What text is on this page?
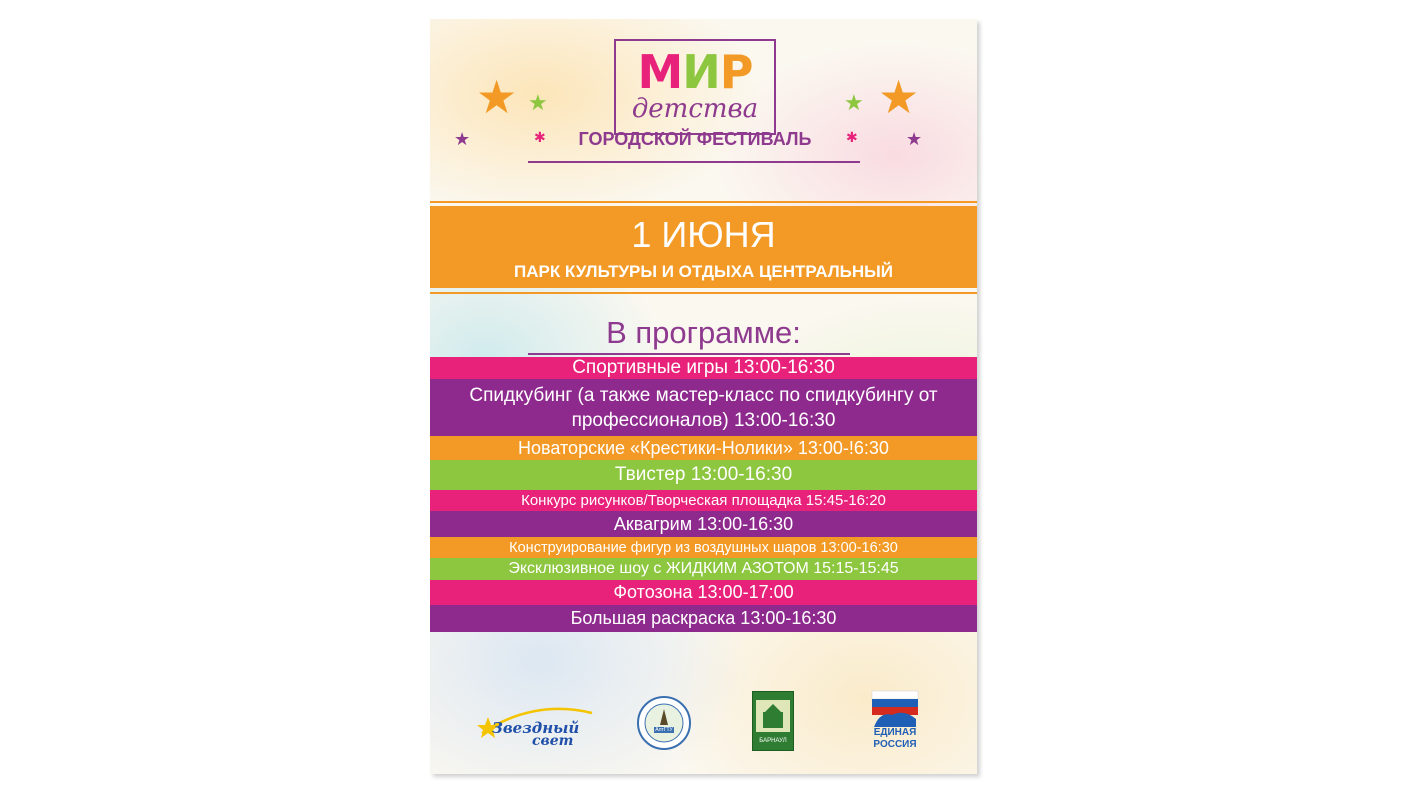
★ ★
★
★
★
★
МИР
детства
✱	ГОРОДСКОЙ ФЕСТИВАЛЬ	✱
1 ИЮНЯ
ПАРК КУЛЬТУРЫ И ОТДЫХА ЦЕНТРАЛЬНЫЙ
В программе:
Спортивные игры 13:00-16:30
Спидкубинг (а также мастер-класс по спидкубингу от профессионалов) 13:00-16:30
Новаторские «Крестики-Нолики» 13:00-!6:30
Твистер 13:00-16:30
Конкурс рисунков/Творческая площадка 15:45-16:20
Аквагрим 13:00-16:30
Конструирование фигур из воздушных шаров 13:00-16:30
Эксклюзивное шоу с ЖИДКИМ АЗОТОМ 15:15-15:45
Фотозона 13:00-17:00
Большая раскраска 13:00-16:30
Звездный
свет
АлтГТУ
БАРНАУЛ
ЕДИНАЯ
РОССИЯ
